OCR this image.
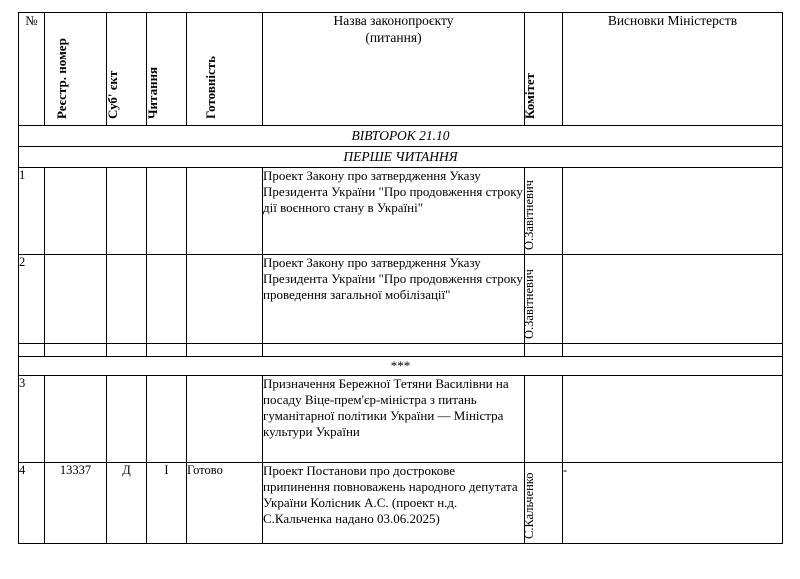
№	Реєстр. номер	Суб' єкт	Читання	Готовність	Назва законопроєкту
(питання)	Комітет	Висновки Міністерств
ВІВТОРОК 21.10							
ПЕРШЕ ЧИТАННЯ							
1					Проект Закону про затвердження Указу Президента України "Про продовження строку дії воєнного стану в Україні"	О.Завітневич	

2					Проект Закону про затвердження Указу Президента України "Про продовження строку проведення загальної мобілізації"	О.Завітневич	

***							
3					Призначення Бережної Тетяни Василівни на посаду Віце-прем'єр-міністра з питань гуманітарної політики України — Міністра культури України	

4	13337	Д	І	Готово	Проект Постанови про дострокове припинення повноважень народного депутата України Колісник А.С. (проект н.д. С.Кальченка надано 03.06.2025)	С.Кальченко	-
